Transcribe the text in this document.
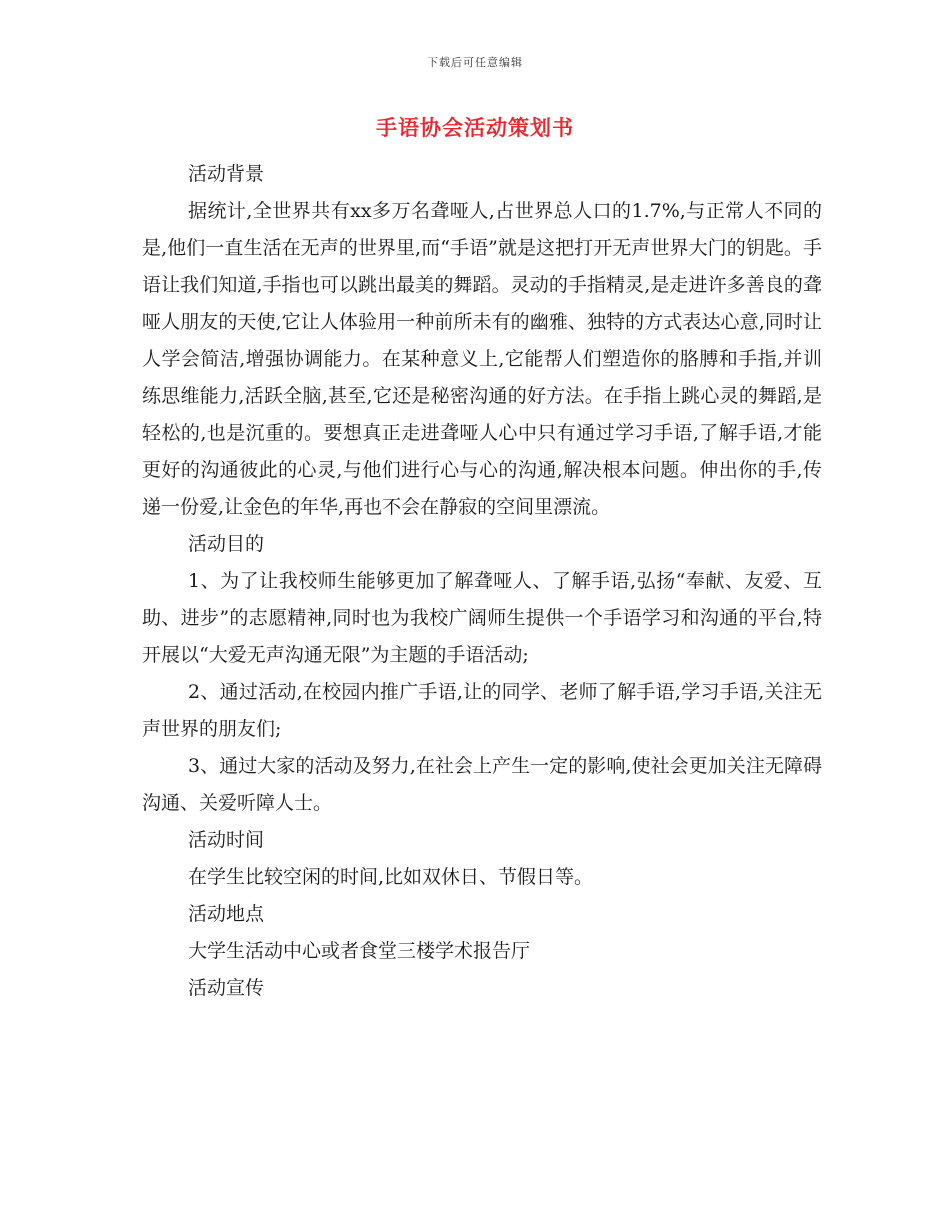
下载后可任意编辑
手语协会活动策划书

活动背景

据统计,全世界共有xx多万名聋哑人,占世界总人口的1.7%,与正常人不同的是,他们一直生活在无声的世界里,而“手语”就是这把打开无声世界大门的钥匙。手语让我们知道,手指也可以跳出最美的舞蹈。灵动的手指精灵,是走进许多善良的聋哑人朋友的天使,它让人体验用一种前所未有的幽雅、独特的方式表达心意,同时让人学会简洁,增强协调能力。在某种意义上,它能帮人们塑造你的胳膊和手指,并训练思维能力,活跃全脑,甚至,它还是秘密沟通的好方法。在手指上跳心灵的舞蹈,是轻松的,也是沉重的。要想真正走进聋哑人心中只有通过学习手语,了解手语,才能更好的沟通彼此的心灵,与他们进行心与心的沟通,解决根本问题。伸出你的手,传递一份爱,让金色的年华,再也不会在静寂的空间里漂流。

活动目的

1、为了让我校师生能够更加了解聋哑人、了解手语,弘扬“奉献、友爱、互助、进步”的志愿精神,同时也为我校广阔师生提供一个手语学习和沟通的平台,特开展以“大爱无声沟通无限”为主题的手语活动;

2、通过活动,在校园内推广手语,让的同学、老师了解手语,学习手语,关注无声世界的朋友们;

3、通过大家的活动及努力,在社会上产生一定的影响,使社会更加关注无障碍沟通、关爱听障人士。

活动时间

在学生比较空闲的时间,比如双休日、节假日等。

活动地点

大学生活动中心或者食堂三楼学术报告厅

活动宣传
